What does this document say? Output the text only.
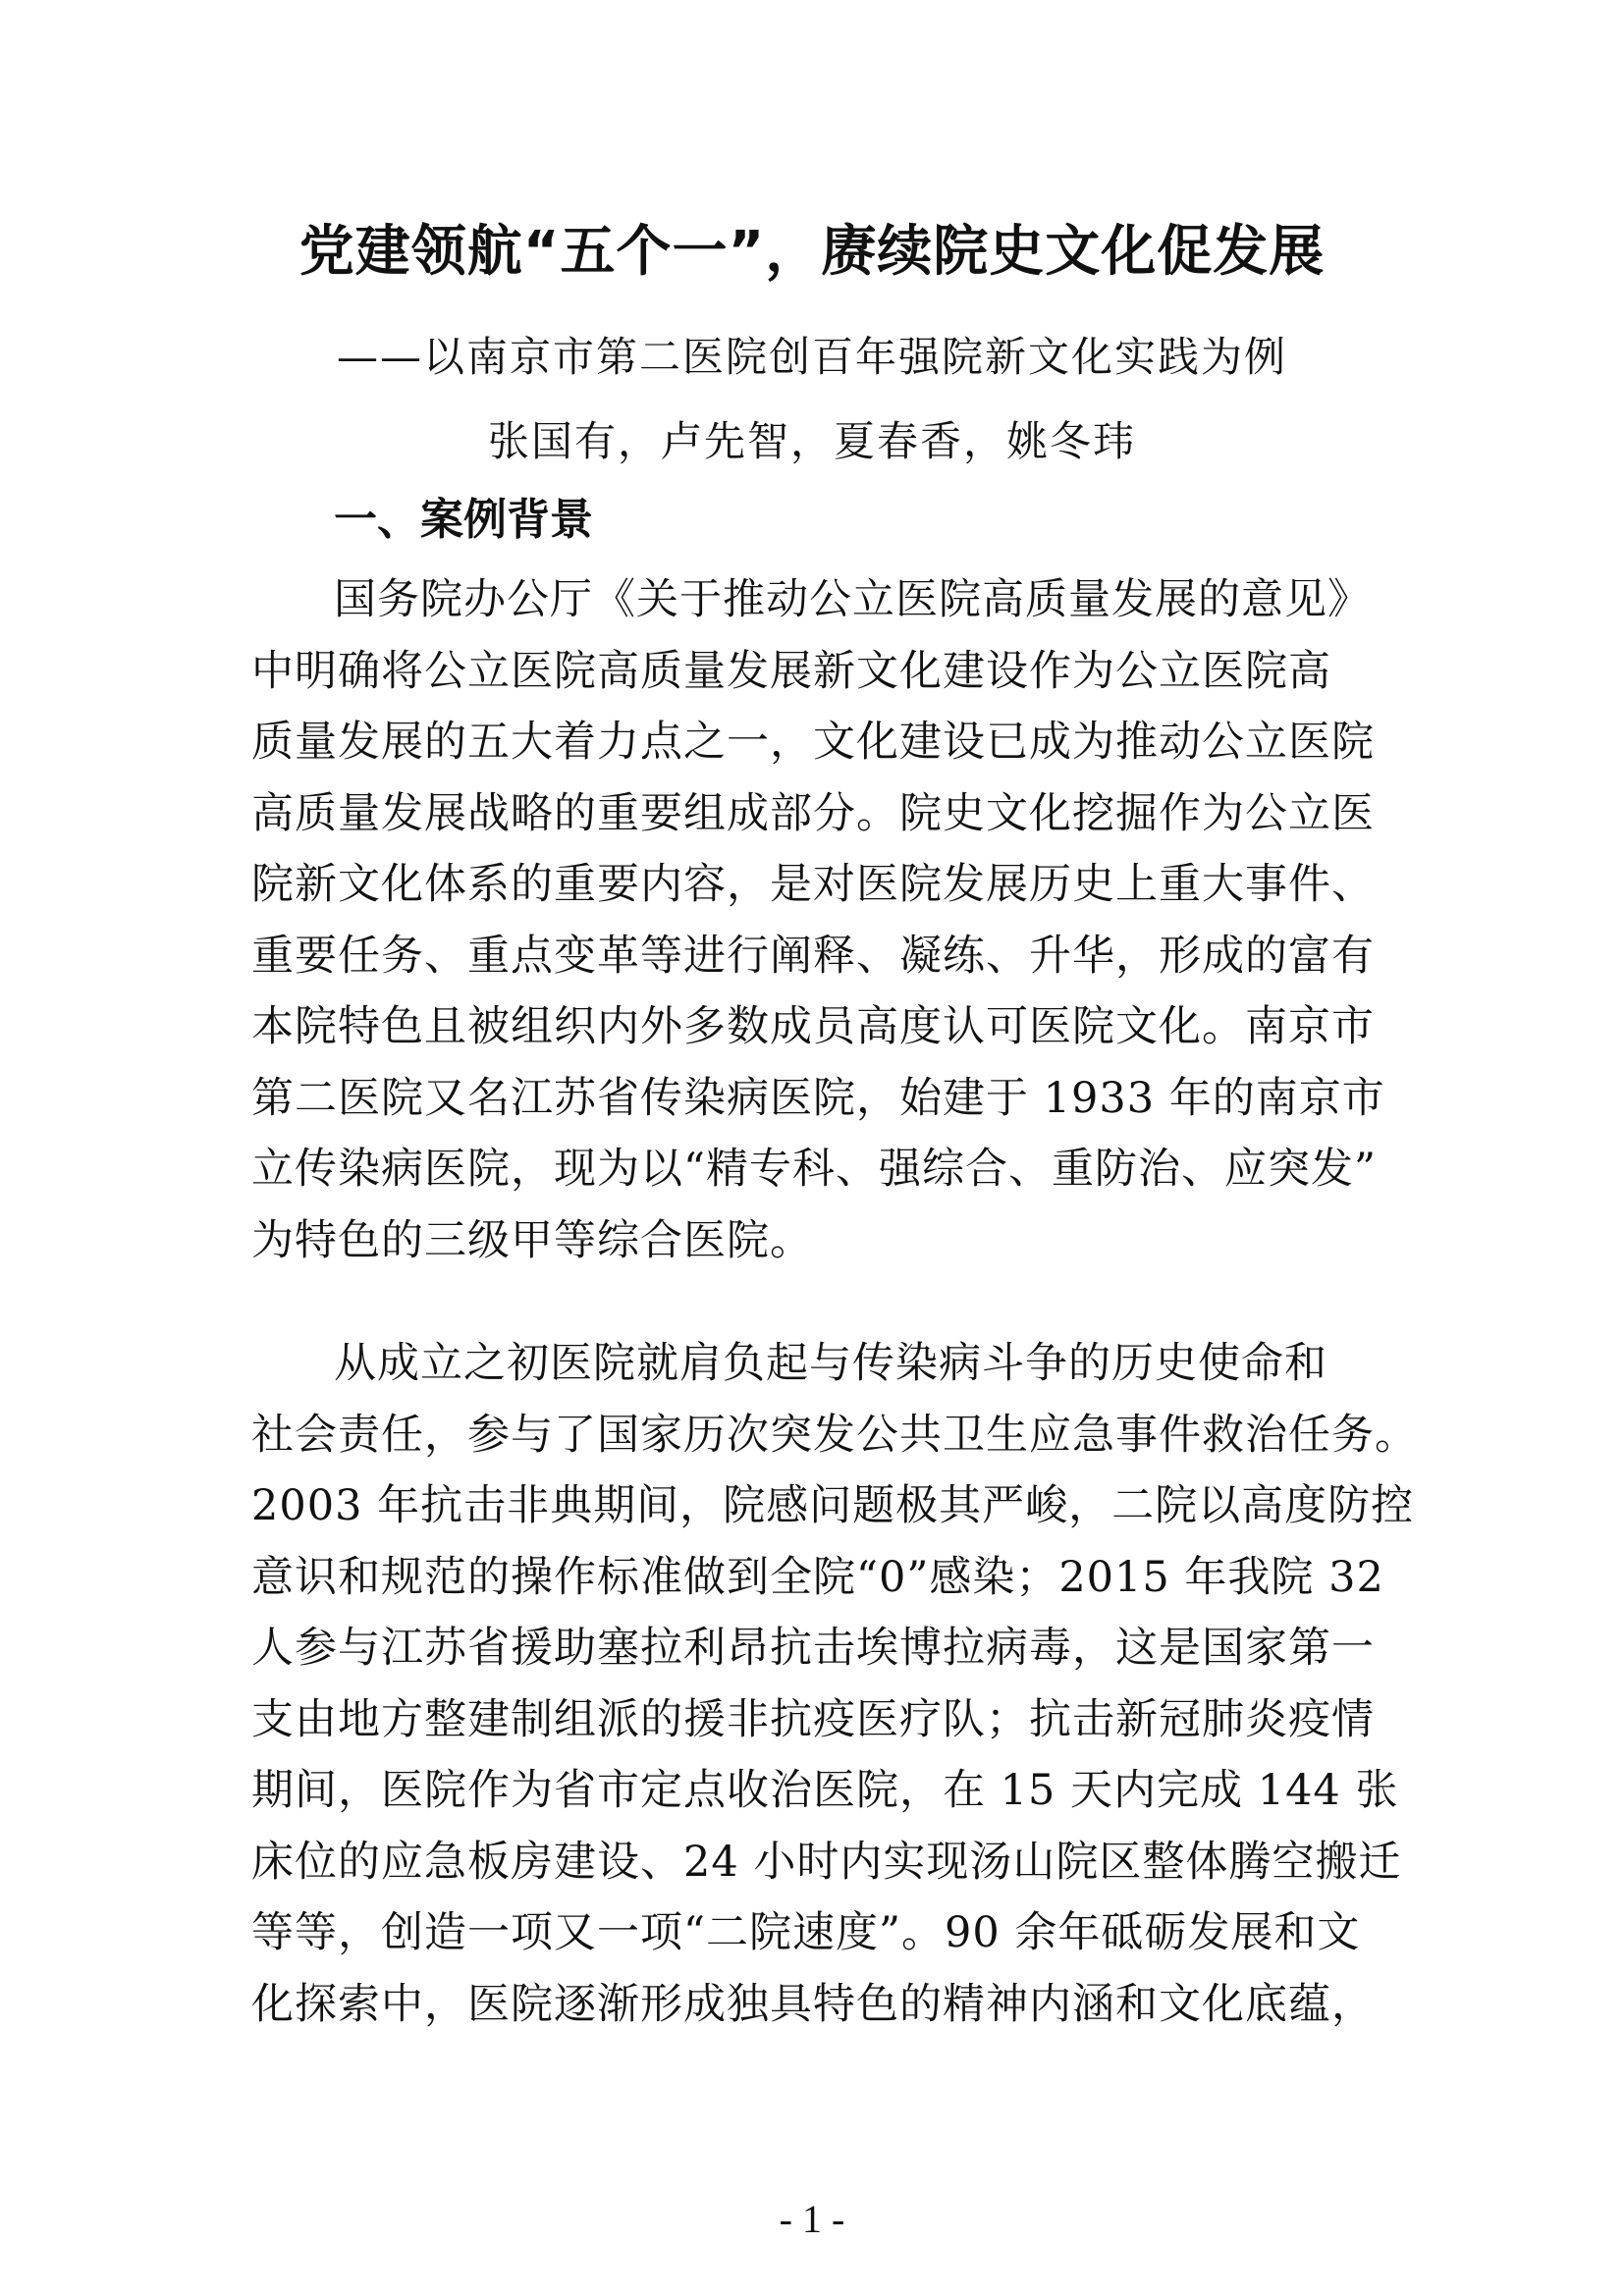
党建领航“五个一”，赓续院史文化促发展
——以南京市第二医院创百年强院新文化实践为例
张国有，卢先智，夏春香，姚冬玮
一、案例背景
国务院办公厅《关于推动公立医院高质量发展的意见》
中明确将公立医院高质量发展新文化建设作为公立医院高
质量发展的五大着力点之一，文化建设已成为推动公立医院
高质量发展战略的重要组成部分。院史文化挖掘作为公立医
院新文化体系的重要内容，是对医院发展历史上重大事件、
重要任务、重点变革等进行阐释、凝练、升华，形成的富有
本院特色且被组织内外多数成员高度认可医院文化。南京市
第二医院又名江苏省传染病医院，始建于 1933 年的南京市
立传染病医院，现为以“精专科、强综合、重防治、应突发”
为特色的三级甲等综合医院。
从成立之初医院就肩负起与传染病斗争的历史使命和
社会责任，参与了国家历次突发公共卫生应急事件救治任务。
2003 年抗击非典期间，院感问题极其严峻，二院以高度防控
意识和规范的操作标准做到全院“0”感染；2015 年我院 32
人参与江苏省援助塞拉利昂抗击埃博拉病毒，这是国家第一
支由地方整建制组派的援非抗疫医疗队；抗击新冠肺炎疫情
期间，医院作为省市定点收治医院，在 15 天内完成 144 张
床位的应急板房建设、24 小时内实现汤山院区整体腾空搬迁
等等，创造一项又一项“二院速度”。90 余年砥砺发展和文
化探索中，医院逐渐形成独具特色的精神内涵和文化底蕴，
- 1 -
